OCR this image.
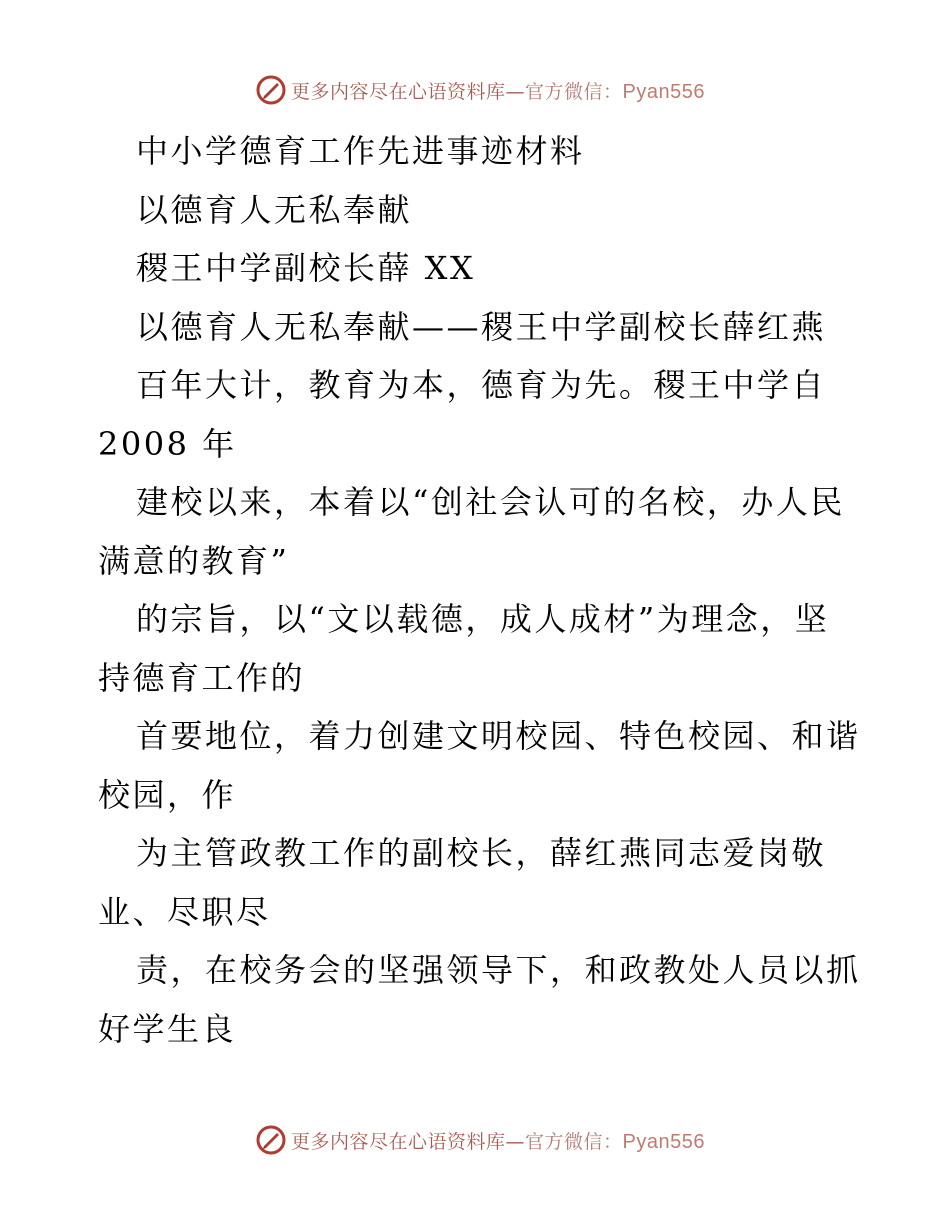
更多内容尽在心语资料库—官方微信：Pyan556
中小学德育工作先进事迹材料
以德育人无私奉献
稷王中学副校长薛 XX
以德育人无私奉献——稷王中学副校长薛红燕
百年大计，教育为本，德育为先。稷王中学自
2008 年
建校以来，本着以“创社会认可的名校，办人民
满意的教育”
的宗旨，以“文以载德，成人成材”为理念，坚
持德育工作的
首要地位，着力创建文明校园、特色校园、和谐
校园，作
为主管政教工作的副校长，薛红燕同志爱岗敬
业、尽职尽
责，在校务会的坚强领导下，和政教处人员以抓
好学生良
更多内容尽在心语资料库—官方微信：Pyan556
